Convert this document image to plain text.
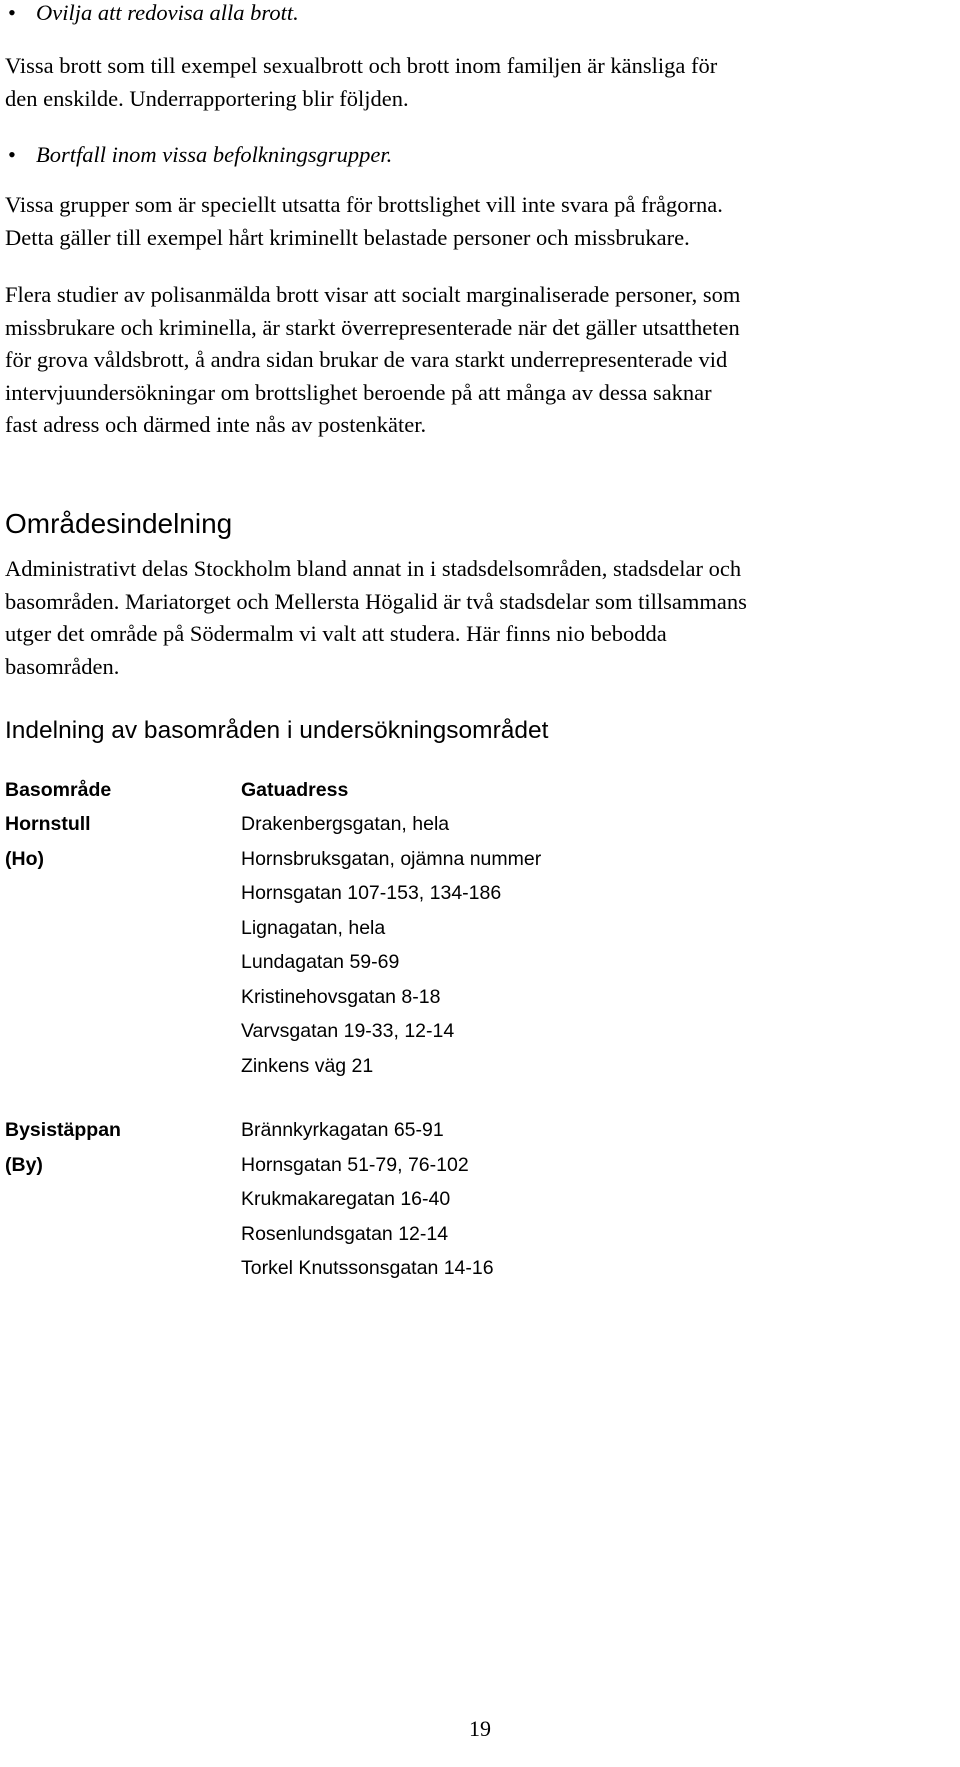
• Ovilja att redovisa alla brott.

Vissa brott som till exempel sexualbrott och brott inom familjen är känsliga för
den enskilde. Underrapportering blir följden.

• Bortfall inom vissa befolkningsgrupper.

Vissa grupper som är speciellt utsatta för brottslighet vill inte svara på frågorna.
Detta gäller till exempel hårt kriminellt belastade personer och missbrukare.

Flera studier av polisanmälda brott visar att socialt marginaliserade personer, som
missbrukare och kriminella, är starkt överrepresenterade när det gäller utsattheten
för grova våldsbrott, å andra sidan brukar de vara starkt underrepresenterade vid
intervjuundersökningar om brottslighet beroende på att många av dessa saknar
fast adress och därmed inte nås av postenkäter.

Områdesindelning

Administrativt delas Stockholm bland annat in i stadsdelsområden, stadsdelar och
basområden. Mariatorget och Mellersta Högalid är två stadsdelar som tillsammans
utger det område på Södermalm vi valt att studera. Här finns nio bebodda
basområden.

Indelning av basområden i undersökningsområdet
Basområde	Gatuadress
Hornstull
(Ho)
Drakenbergsgatan, hela
Hornsbruksgatan, ojämna nummer
Hornsgatan 107-153, 134-186
Lignagatan, hela
Lundagatan 59-69
Kristinehovsgatan 8-18
Varvsgatan 19-33, 12-14
Zinkens väg 21
Bysistäppan
(By)
Brännkyrkagatan 65-91
Hornsgatan 51-79, 76-102
Krukmakaregatan 16-40
Rosenlundsgatan 12-14
Torkel Knutssonsgatan 14-16
19
